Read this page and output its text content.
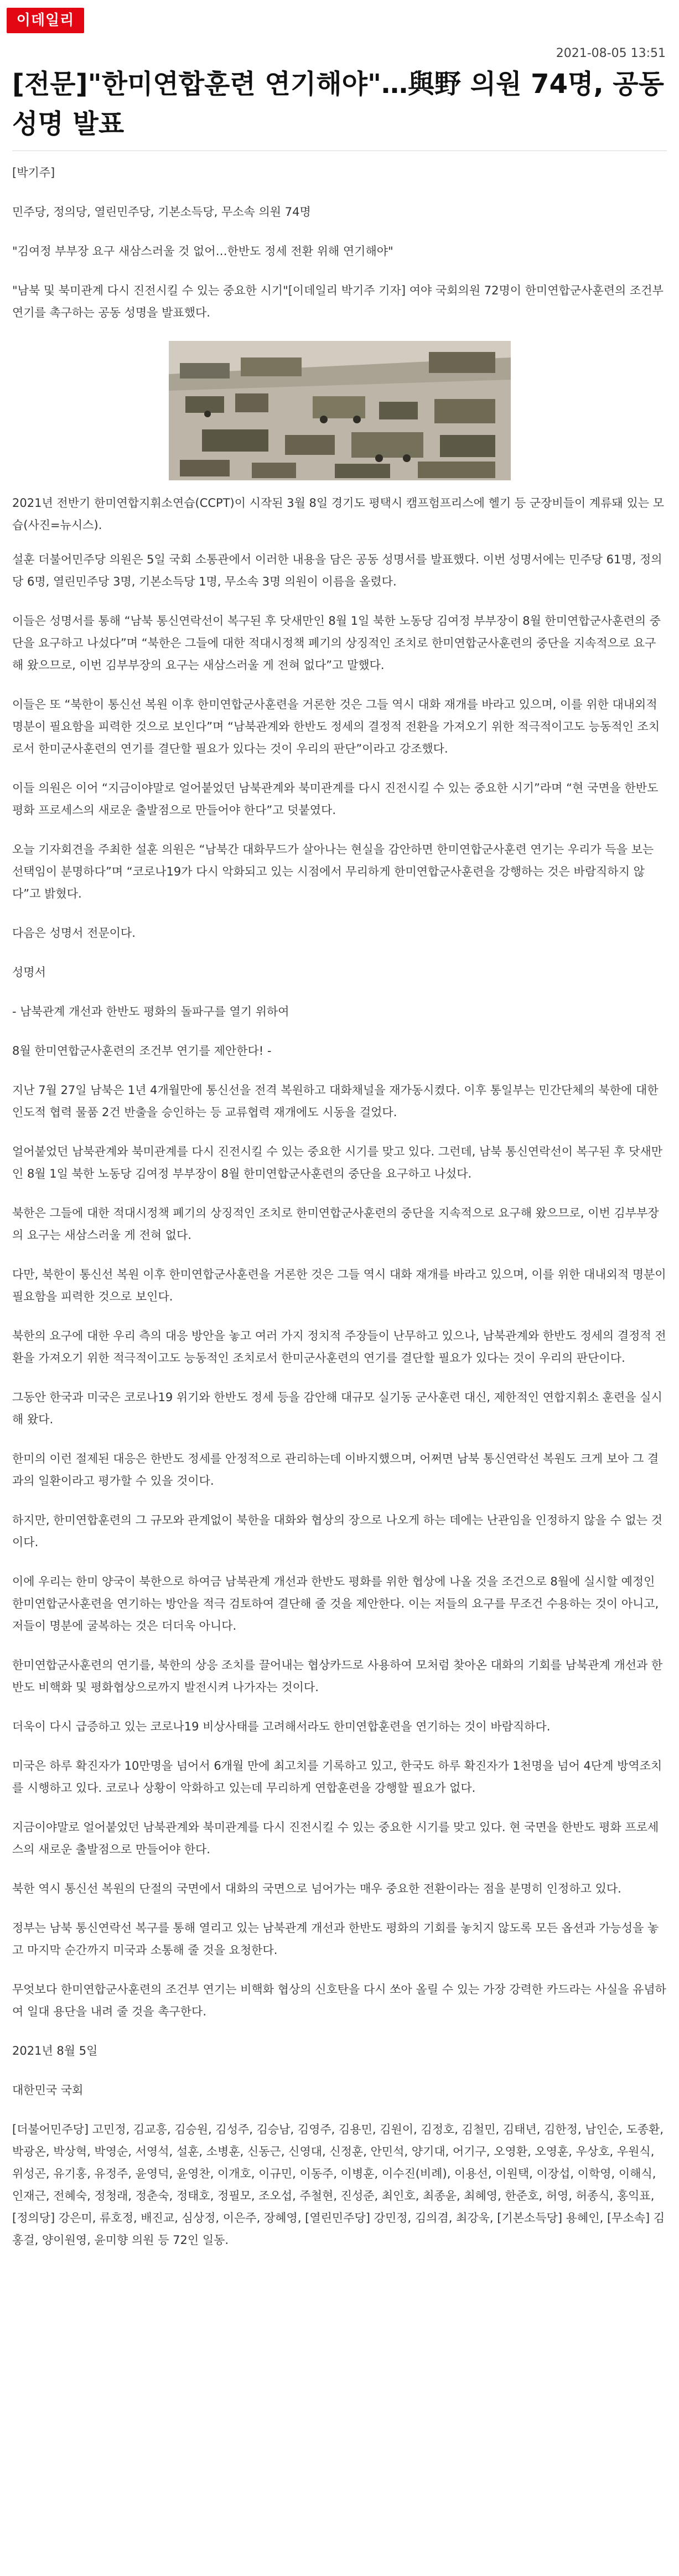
이데일리
2021-08-05 13:51
[전문]"한미연합훈련 연기해야"…與野 의원 74명, 공동성명 발표

[박기주]

민주당, 정의당, 열린민주당, 기본소득당, 무소속 의원 74명

"김여정 부부장 요구 새삼스러울 것 없어…한반도 정세 전환 위해 연기해야"

"남북 및 북미관계 다시 진전시킬 수 있는 중요한 시기"[이데일리 박기주 기자] 여야 국회의원 72명이 한미연합군사훈련의 조건부 연기를 촉구하는 공동 성명을 발표했다.

2021년 전반기 한미연합지휘소연습(CCPT)이 시작된 3월 8일 경기도 평택시 캠프험프리스에 헬기 등 군장비들이 계류돼 있는 모습(사진=뉴시스).

설훈 더불어민주당 의원은 5일 국회 소통관에서 이러한 내용을 담은 공동 성명서를 발표했다. 이번 성명서에는 민주당 61명, 정의당 6명, 열린민주당 3명, 기본소득당 1명, 무소속 3명 의원이 이름을 올렸다.

이들은 성명서를 통해 “남북 통신연락선이 복구된 후 닷새만인 8월 1일 북한 노동당 김여정 부부장이 8월 한미연합군사훈련의 중단을 요구하고 나섰다”며 “북한은 그들에 대한 적대시정책 폐기의 상징적인 조치로 한미연합군사훈련의 중단을 지속적으로 요구해 왔으므로, 이번 김부부장의 요구는 새삼스러울 게 전혀 없다”고 말했다.

이들은 또 “북한이 통신선 복원 이후 한미연합군사훈련을 거론한 것은 그들 역시 대화 재개를 바라고 있으며, 이를 위한 대내외적 명분이 필요함을 피력한 것으로 보인다”며 “남북관계와 한반도 정세의 결정적 전환을 가져오기 위한 적극적이고도 능동적인 조치로서 한미군사훈련의 연기를 결단할 필요가 있다는 것이 우리의 판단”이라고 강조했다.

이들 의원은 이어 “지금이야말로 얼어붙었던 남북관계와 북미관계를 다시 진전시킬 수 있는 중요한 시기”라며 “현 국면을 한반도 평화 프로세스의 새로운 출발점으로 만들어야 한다”고 덧붙였다.

오늘 기자회견을 주최한 설훈 의원은 “남북간 대화무드가 살아나는 현실을 감안하면 한미연합군사훈련 연기는 우리가 득을 보는 선택임이 분명하다”며 “코로나19가 다시 악화되고 있는 시점에서 무리하게 한미연합군사훈련을 강행하는 것은 바람직하지 않다”고 밝혔다.

다음은 성명서 전문이다.

성명서

- 남북관계 개선과 한반도 평화의 돌파구를 열기 위하여

8월 한미연합군사훈련의 조건부 연기를 제안한다! -

지난 7월 27일 남북은 1년 4개월만에 통신선을 전격 복원하고 대화채널을 재가동시켰다. 이후 통일부는 민간단체의 북한에 대한 인도적 협력 물품 2건 반출을 승인하는 등 교류협력 재개에도 시동을 걸었다.

얼어붙었던 남북관계와 북미관계를 다시 진전시킬 수 있는 중요한 시기를 맞고 있다. 그런데, 남북 통신연락선이 복구된 후 닷새만인 8월 1일 북한 노동당 김여정 부부장이 8월 한미연합군사훈련의 중단을 요구하고 나섰다.

북한은 그들에 대한 적대시정책 폐기의 상징적인 조치로 한미연합군사훈련의 중단을 지속적으로 요구해 왔으므로, 이번 김부부장의 요구는 새삼스러울 게 전혀 없다.

다만, 북한이 통신선 복원 이후 한미연합군사훈련을 거론한 것은 그들 역시 대화 재개를 바라고 있으며, 이를 위한 대내외적 명분이 필요함을 피력한 것으로 보인다.

북한의 요구에 대한 우리 측의 대응 방안을 놓고 여러 가지 정치적 주장들이 난무하고 있으나, 남북관계와 한반도 정세의 결정적 전환을 가져오기 위한 적극적이고도 능동적인 조치로서 한미군사훈련의 연기를 결단할 필요가 있다는 것이 우리의 판단이다.

그동안 한국과 미국은 코로나19 위기와 한반도 정세 등을 감안해 대규모 실기동 군사훈련 대신, 제한적인 연합지휘소 훈련을 실시해 왔다.

한미의 이런 절제된 대응은 한반도 정세를 안정적으로 관리하는데 이바지했으며, 어쩌면 남북 통신연락선 복원도 크게 보아 그 결과의 일환이라고 평가할 수 있을 것이다.

하지만, 한미연합훈련의 그 규모와 관계없이 북한을 대화와 협상의 장으로 나오게 하는 데에는 난관임을 인정하지 않을 수 없는 것이다.

이에 우리는 한미 양국이 북한으로 하여금 남북관계 개선과 한반도 평화를 위한 협상에 나올 것을 조건으로 8월에 실시할 예정인 한미연합군사훈련을 연기하는 방안을 적극 검토하여 결단해 줄 것을 제안한다. 이는 저들의 요구를 무조건 수용하는 것이 아니고, 저들이 명분에 굴복하는 것은 더더욱 아니다.

한미연합군사훈련의 연기를, 북한의 상응 조치를 끌어내는 협상카드로 사용하여 모처럼 찾아온 대화의 기회를 남북관계 개선과 한반도 비핵화 및 평화협상으로까지 발전시켜 나가자는 것이다.

더욱이 다시 급증하고 있는 코로나19 비상사태를 고려해서라도 한미연합훈련을 연기하는 것이 바람직하다.

미국은 하루 확진자가 10만명을 넘어서 6개월 만에 최고치를 기록하고 있고, 한국도 하루 확진자가 1천명을 넘어 4단계 방역조치를 시행하고 있다. 코로나 상황이 악화하고 있는데 무리하게 연합훈련을 강행할 필요가 없다.

지금이야말로 얼어붙었던 남북관계와 북미관계를 다시 진전시킬 수 있는 중요한 시기를 맞고 있다. 현 국면을 한반도 평화 프로세스의 새로운 출발점으로 만들어야 한다.

북한 역시 통신선 복원의 단절의 국면에서 대화의 국면으로 넘어가는 매우 중요한 전환이라는 점을 분명히 인정하고 있다.

정부는 남북 통신연락선 복구를 통해 열리고 있는 남북관계 개선과 한반도 평화의 기회를 놓치지 않도록 모든 옵션과 가능성을 놓고 마지막 순간까지 미국과 소통해 줄 것을 요청한다.

무엇보다 한미연합군사훈련의 조건부 연기는 비핵화 협상의 신호탄을 다시 쏘아 올릴 수 있는 가장 강력한 카드라는 사실을 유념하여 일대 용단을 내려 줄 것을 촉구한다.

2021년 8월 5일

대한민국 국회

[더불어민주당] 고민정, 김교흥, 김승원, 김성주, 김승남, 김영주, 김용민, 김원이, 김정호, 김철민, 김태년, 김한정, 남인순, 도종환, 박광온, 박상혁, 박영순, 서영석, 설훈, 소병훈, 신동근, 신영대, 신정훈, 안민석, 양기대, 어기구, 오영환, 오영훈, 우상호, 우원식, 위성곤, 유기홍, 유정주, 윤영덕, 윤영찬, 이개호, 이규민, 이동주, 이병훈, 이수진(비례), 이용선, 이원택, 이장섭, 이학영, 이해식, 인재근, 전혜숙, 정청래, 정춘숙, 정태호, 정필모, 조오섭, 주철현, 진성준, 최인호, 최종윤, 최혜영, 한준호, 허영, 허종식, 홍익표, [정의당] 강은미, 류호정, 배진교, 심상정, 이은주, 장혜영, [열린민주당] 강민정, 김의겸, 최강욱, [기본소득당] 용혜인, [무소속] 김홍걸, 양이원영, 윤미향 의원 등 72인 일동.
